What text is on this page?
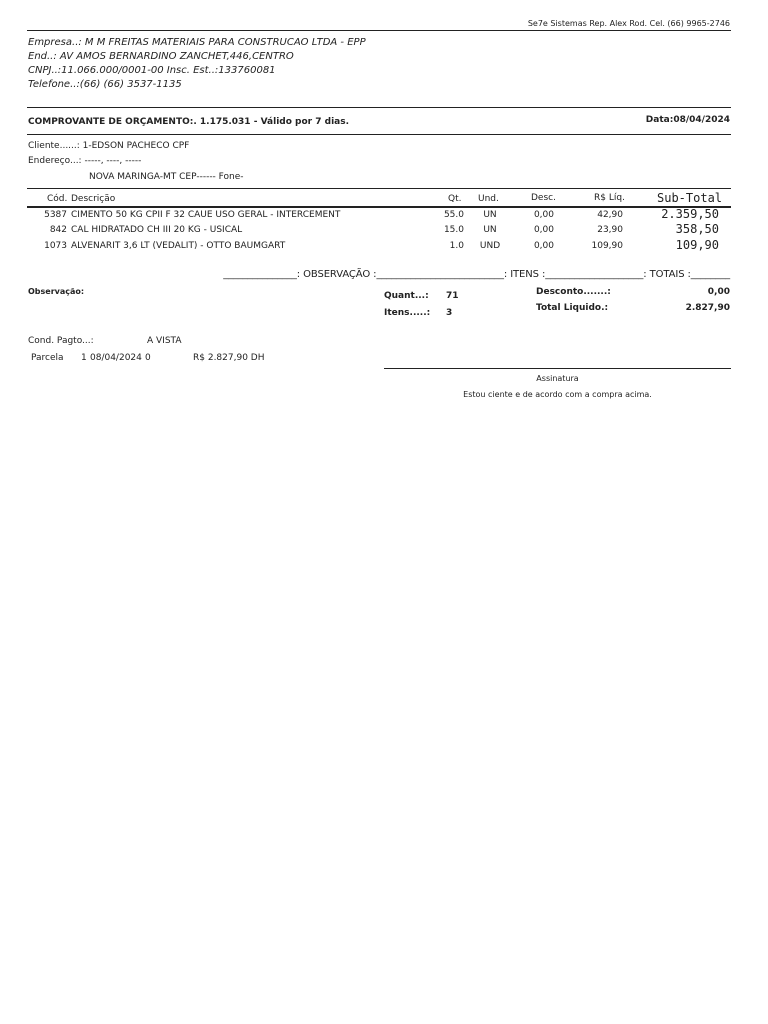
Se7e Sistemas Rep. Alex Rod. Cel. (66) 9965-2746
Empresa..: M M FREITAS MATERIAIS PARA CONSTRUCAO LTDA - EPP
End..: AV AMOS BERNARDINO ZANCHET,446,CENTRO
CNPJ..:11.066.000/0001-00 Insc. Est..:133760081
Telefone..:(66) (66) 3537-1135
COMPROVANTE DE ORÇAMENTO:. 1.175.031 - Válido por 7 dias.	Data:08/04/2024
Cliente......: 1-EDSON PACHECO CPF
Endereço...: -----, ----, -----
NOVA MARINGA-MT CEP------ Fone-
Cód. Descrição	Qt. Und.	Desc.	R$ Líq.	Sub-Total
5387 CIMENTO 50 KG CPII F 32 CAUE USO GERAL - INTERCEMENT	55.0	UN	0,00	42,90	2.359,50
842 CAL HIDRATADO CH III 20 KG - USICAL	15.0	UN	0,00	23,90	358,50
1073 ALVENARIT 3,6 LT (VEDALIT) - OTTO BAUMGART	1.0	UND	0,00	109,90	109,90
_______________: OBSERVAÇÃO :__________________________: ITENS :____________________: TOTAIS :________
Observação:	Quant...: 71
Itens.....: 3
Desconto.......:	0,00
Total Liquido.:	2.827,90
Cond. Pagto...:	A VISTA
Parcela 1 08/04/2024 0	R$ 2.827,90 DH
Assinatura
Estou ciente e de acordo com a compra acima.
